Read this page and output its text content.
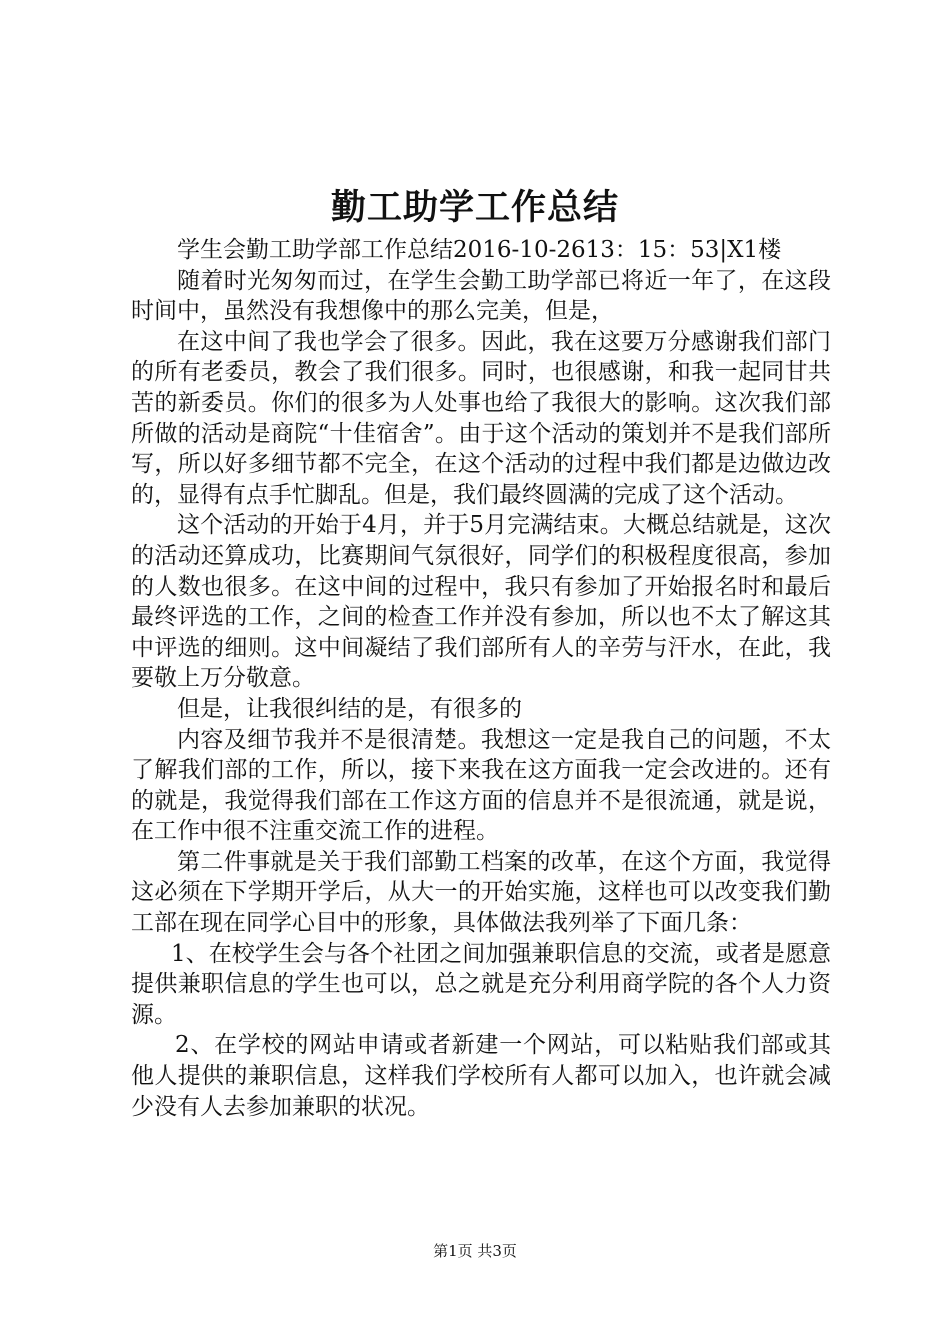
勤工助学工作总结

学生会勤工助学部工作总结2016-10-2613：15：53|X1楼

随着时光匆匆而过，在学生会勤工助学部已将近一年了，在这段时间中，虽然没有我想像中的那么完美，但是，

在这中间了我也学会了很多。因此，我在这要万分感谢我们部门的所有老委员，教会了我们很多。同时，也很感谢，和我一起同甘共苦的新委员。你们的很多为人处事也给了我很大的影响。这次我们部所做的活动是商院“十佳宿舍”。由于这个活动的策划并不是我们部所写，所以好多细节都不完全，在这个活动的过程中我们都是边做边改的，显得有点手忙脚乱。但是，我们最终圆满的完成了这个活动。

这个活动的开始于4月，并于5月完满结束。大概总结就是，这次的活动还算成功，比赛期间气氛很好，同学们的积极程度很高，参加的人数也很多。在这中间的过程中，我只有参加了开始报名时和最后最终评选的工作，之间的检查工作并没有参加，所以也不太了解这其中评选的细则。这中间凝结了我们部所有人的辛劳与汗水，在此，我要敬上万分敬意。

但是，让我很纠结的是，有很多的

内容及细节我并不是很清楚。我想这一定是我自己的问题，不太了解我们部的工作，所以，接下来我在这方面我一定会改进的。还有的就是，我觉得我们部在工作这方面的信息并不是很流通，就是说，在工作中很不注重交流工作的进程。

第二件事就是关于我们部勤工档案的改革，在这个方面，我觉得这必须在下学期开学后，从大一的开始实施，这样也可以改变我们勤工部在现在同学心目中的形象，具体做法我列举了下面几条：

1、在校学生会与各个社团之间加强兼职信息的交流，或者是愿意提供兼职信息的学生也可以，总之就是充分利用商学院的各个人力资源。

2、在学校的网站申请或者新建一个网站，可以粘贴我们部或其他人提供的兼职信息，这样我们学校所有人都可以加入，也许就会减少没有人去参加兼职的状况。

第1页 共3页
